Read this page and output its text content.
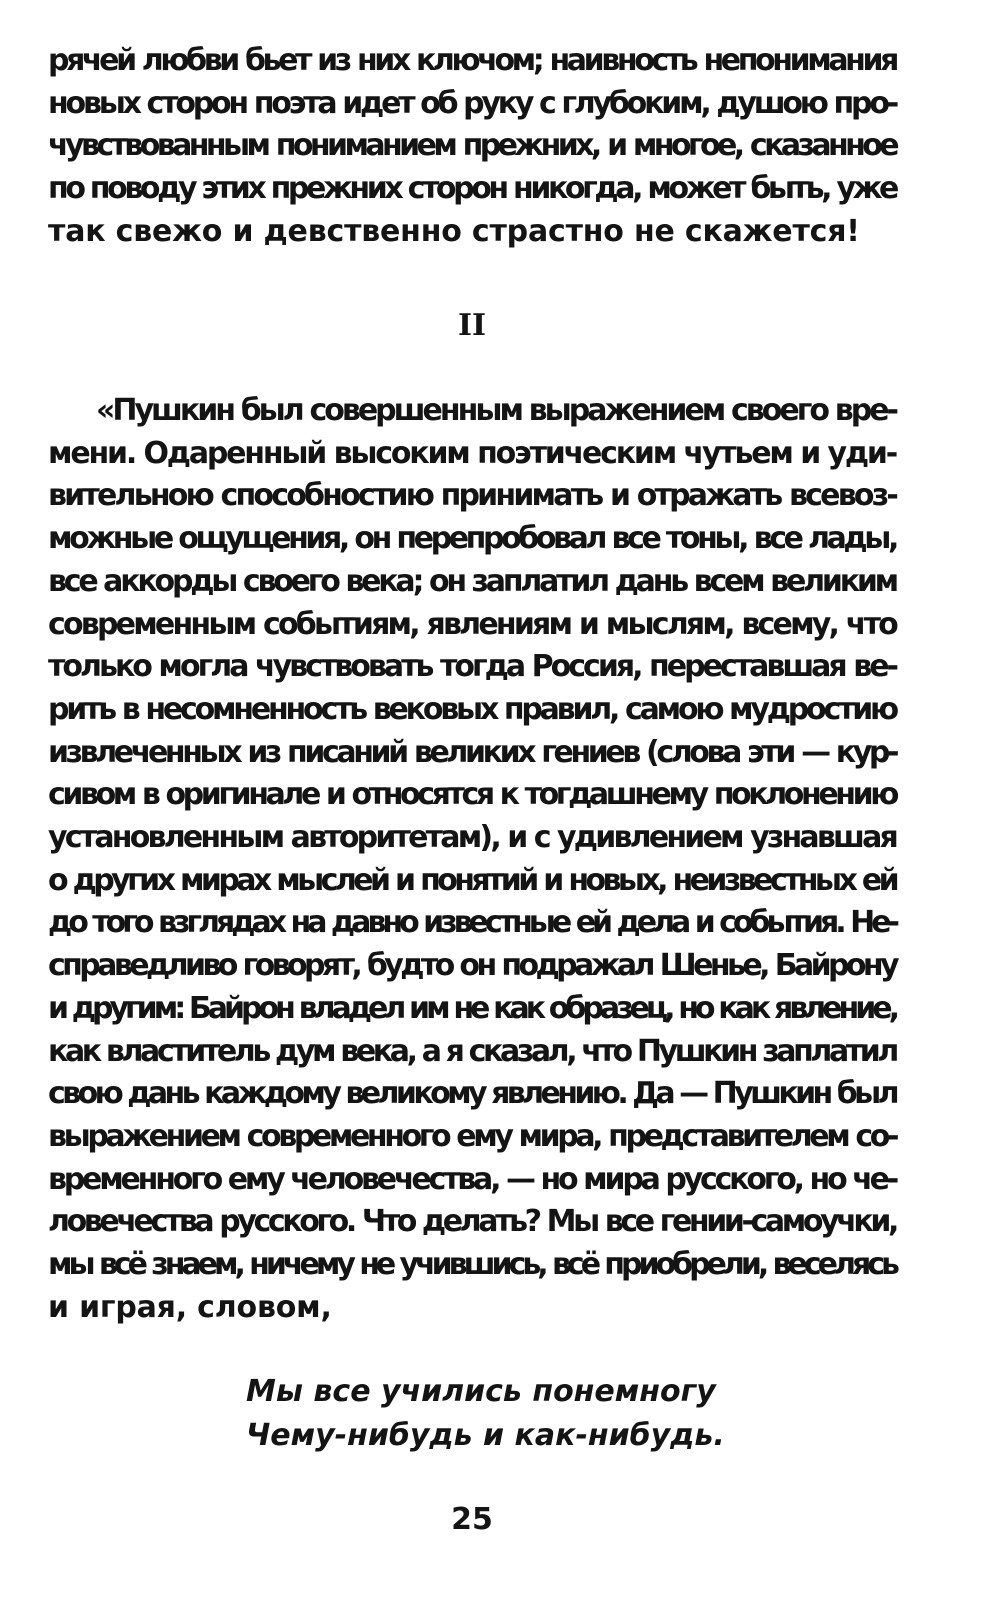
рячей любви бьет из них ключом; наивность непонимания
новых сторон поэта идет об руку с глубоким, душою про-
чувствованным пониманием прежних, и многое, сказанное
по поводу этих прежних сторон никогда, может быть, уже
так свежо и девственно страстно не скажется!

II

«Пушкин был совершенным выражением своего вре-
мени. Одаренный высоким поэтическим чутьем и уди-
вительною способностию принимать и отражать всевоз-
можные ощущения, он перепробовал все тоны, все лады,
все аккорды своего века; он заплатил дань всем великим
современным событиям, явлениям и мыслям, всему, что
только могла чувствовать тогда Россия, переставшая ве-
рить в несомненность вековых правил, самою мудростию
извлеченных из писаний великих гениев (слова эти — кур-
сивом в оригинале и относятся к тогдашнему поклонению
установленным авторитетам), и с удивлением узнавшая
о других мирах мыслей и понятий и новых, неизвестных ей
до того взглядах на давно известные ей дела и события. Не-
справедливо говорят, будто он подражал Шенье, Байрону
и другим: Байрон владел им не как образец, но как явление,
как властитель дум века, а я сказал, что Пушкин заплатил
свою дань каждому великому явлению. Да — Пушкин был
выражением современного ему мира, представителем со-
временного ему человечества, — но мира русского, но че-
ловечества русского. Что делать? Мы все гении-самоучки,
мы всё знаем, ничему не учившись, всё приобрели, веселясь
и играя, словом,

Мы все учились понемногу
Чему-нибудь и как-нибудь.

25
